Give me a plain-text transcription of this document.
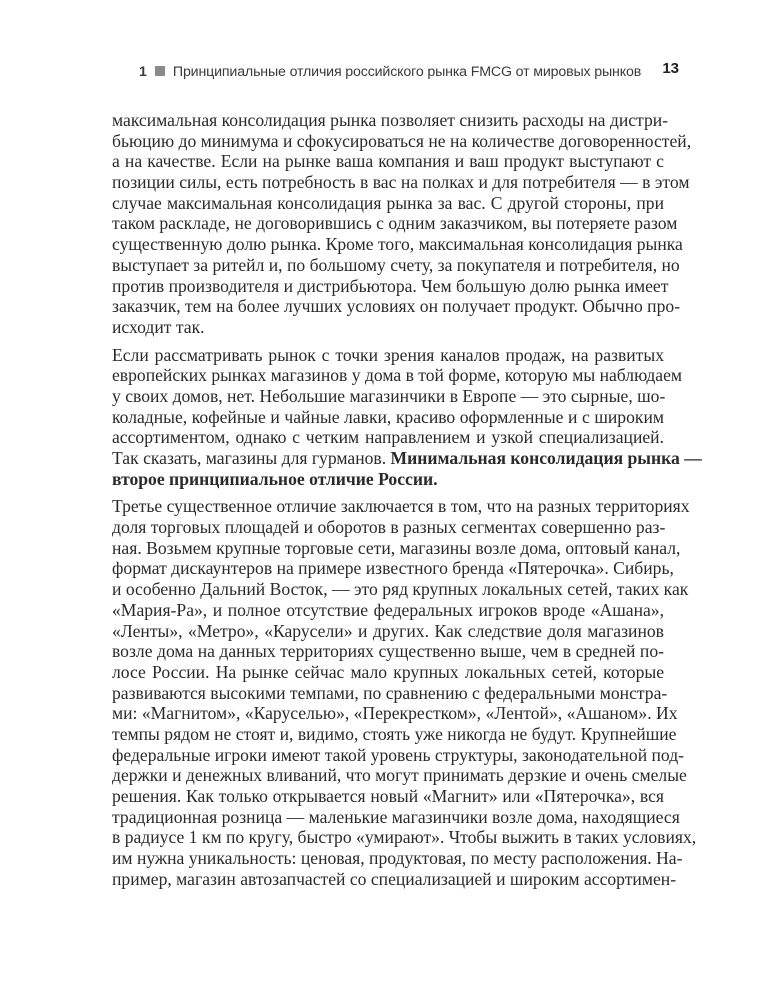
1 Принципиальные отличия российского рынка FMCG от мировых рынков	13

максимальная консолидация рынка позволяет снизить расходы на дистри-
бьюцию до минимума и сфокусироваться не на количестве договоренностей,
а на качестве. Если на рынке ваша компания и ваш продукт выступают с
позиции силы, есть потребность в вас на полках и для потребителя — в этом
случае максимальная консолидация рынка за вас. С другой стороны, при
таком раскладе, не договорившись с одним заказчиком, вы потеряете разом
существенную долю рынка. Кроме того, максимальная консолидация рынка
выступает за ритейл и, по большому счету, за покупателя и потребителя, но
против производителя и дистрибьютора. Чем большую долю рынка имеет
заказчик, тем на более лучших условиях он получает продукт. Обычно про-
исходит так.

Если рассматривать рынок с точки зрения каналов продаж, на развитых
европейских рынках магазинов у дома в той форме, которую мы наблюдаем
у своих домов, нет. Небольшие магазинчики в Европе — это сырные, шо-
коладные, кофейные и чайные лавки, красиво оформленные и с широким
ассортиментом, однако с четким направлением и узкой специализацией.
Так сказать, магазины для гурманов. Минимальная консолидация рынка —
второе принципиальное отличие России.

Третье существенное отличие заключается в том, что на разных территориях
доля торговых площадей и оборотов в разных сегментах совершенно раз-
ная. Возьмем крупные торговые сети, магазины возле дома, оптовый канал,
формат дискаунтеров на примере известного бренда «Пятерочка». Сибирь,
и особенно Дальний Восток, — это ряд крупных локальных сетей, таких как
«Мария-Ра», и полное отсутствие федеральных игроков вроде «Ашана»,
«Ленты», «Метро», «Карусели» и других. Как следствие доля магазинов
возле дома на данных территориях существенно выше, чем в средней по-
лосе России. На рынке сейчас мало крупных локальных сетей, которые
развиваются высокими темпами, по сравнению с федеральными монстра-
ми: «Магнитом», «Каруселью», «Перекрестком», «Лентой», «Ашаном». Их
темпы рядом не стоят и, видимо, стоять уже никогда не будут. Крупнейшие
федеральные игроки имеют такой уровень структуры, законодательной под-
держки и денежных вливаний, что могут принимать дерзкие и очень смелые
решения. Как только открывается новый «Магнит» или «Пятерочка», вся
традиционная розница — маленькие магазинчики возле дома, находящиеся
в радиусе 1 км по кругу, быстро «умирают». Чтобы выжить в таких условиях,
им нужна уникальность: ценовая, продуктовая, по месту расположения. На-
пример, магазин автозапчастей со специализацией и широким ассортимен-
